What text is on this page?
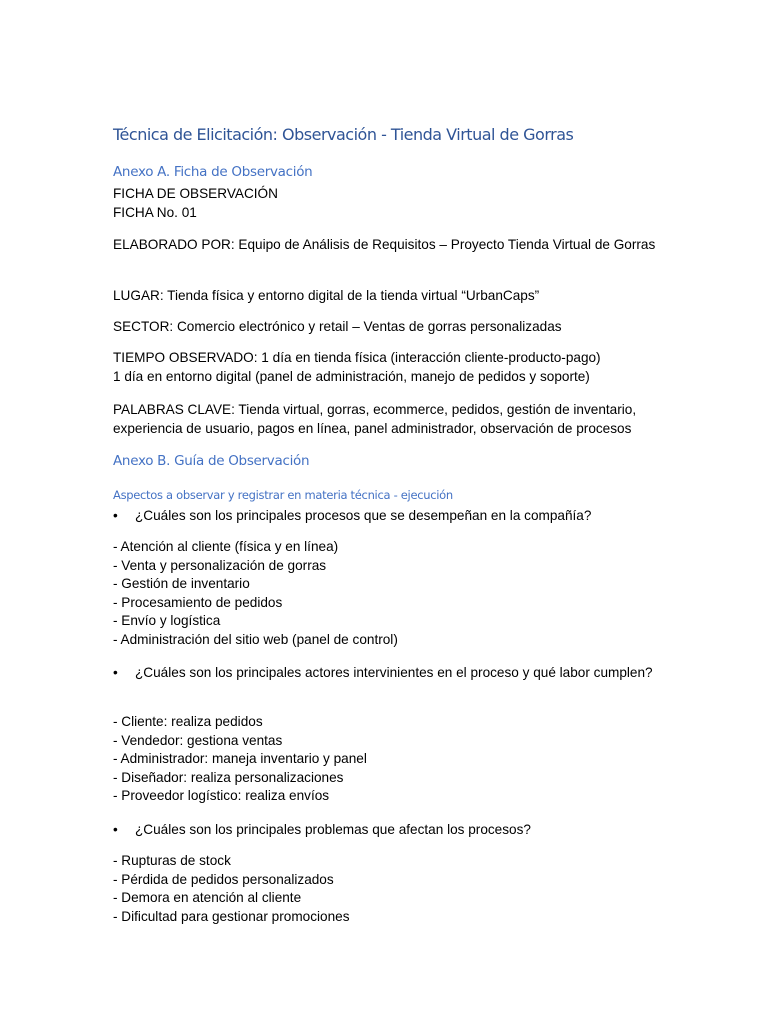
Técnica de Elicitación: Observación - Tienda Virtual de Gorras
Anexo A. Ficha de Observación
FICHA DE OBSERVACIÓN
FICHA No. 01
ELABORADO POR: Equipo de Análisis de Requisitos – Proyecto Tienda Virtual de Gorras
LUGAR: Tienda física y entorno digital de la tienda virtual “UrbanCaps”
SECTOR: Comercio electrónico y retail – Ventas de gorras personalizadas
TIEMPO OBSERVADO: 1 día en tienda física (interacción cliente-producto-pago)
1 día en entorno digital (panel de administración, manejo de pedidos y soporte)
PALABRAS CLAVE: Tienda virtual, gorras, ecommerce, pedidos, gestión de inventario, experiencia de usuario, pagos en línea, panel administrador, observación de procesos
Anexo B. Guía de Observación
Aspectos a observar y registrar en materia técnica - ejecución
• ¿Cuáles son los principales procesos que se desempeñan en la compañía?
- Atención al cliente (física y en línea)
- Venta y personalización de gorras
- Gestión de inventario
- Procesamiento de pedidos
- Envío y logística
- Administración del sitio web (panel de control)
• ¿Cuáles son los principales actores intervinientes en el proceso y qué labor cumplen?
- Cliente: realiza pedidos
- Vendedor: gestiona ventas
- Administrador: maneja inventario y panel
- Diseñador: realiza personalizaciones
- Proveedor logístico: realiza envíos
• ¿Cuáles son los principales problemas que afectan los procesos?
- Rupturas de stock
- Pérdida de pedidos personalizados
- Demora en atención al cliente
- Dificultad para gestionar promociones
